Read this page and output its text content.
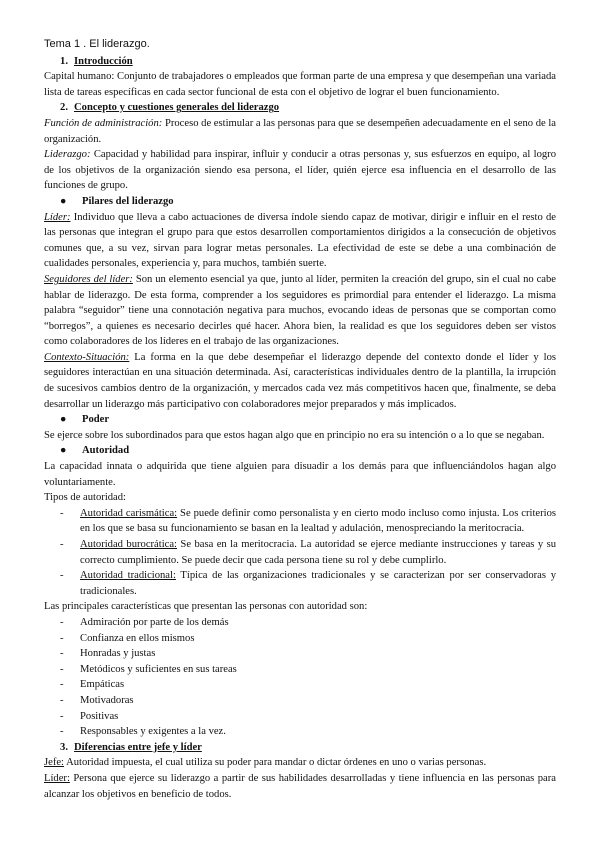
Tema 1 . El liderazgo.
1. Introducción

Capital humano: Conjunto de trabajadores o empleados que forman parte de una empresa y que desempeñan una variada lista de tareas específicas en cada sector funcional de esta con el objetivo de lograr el buen funcionamiento.

2. Concepto y cuestiones generales del liderazgo

Función de administración: Proceso de estimular a las personas para que se desempeñen adecuadamente en el seno de la organización.

Liderazgo: Capacidad y habilidad para inspirar, influir y conducir a otras personas y, sus esfuerzos en equipo, al logro de los objetivos de la organización siendo esa persona, el líder, quién ejerce esa influencia en el desarrollo de las funciones de grupo.

●	Pilares del liderazgo

Líder: Individuo que lleva a cabo actuaciones de diversa índole siendo capaz de motivar, dirigir e influir en el resto de las personas que integran el grupo para que estos desarrollen comportamientos dirigidos a la consecución de objetivos comunes que, a su vez, sirvan para lograr metas personales. La efectividad de este se debe a una combinación de cualidades personales, experiencia y, para muchos, también suerte.

Seguidores del líder: Son un elemento esencial ya que, junto al líder, permiten la creación del grupo, sin el cual no cabe hablar de liderazgo. De esta forma, comprender a los seguidores es primordial para entender el liderazgo. La misma palabra “seguidor” tiene una connotación negativa para muchos, evocando ideas de personas que se comportan como “borregos”, a quienes es necesario decirles qué hacer. Ahora bien, la realidad es que los seguidores deben ser vistos como colaboradores de los líderes en el trabajo de las organizaciones.

Contexto-Situación: La forma en la que debe desempeñar el liderazgo depende del contexto donde el líder y los seguidores interactúan en una situación determinada. Así, características individuales dentro de la plantilla, la irrupción de sucesivos cambios dentro de la organización, y mercados cada vez más competitivos hacen que, finalmente, se deba desarrollar un liderazgo más participativo con colaboradores mejor preparados y más implicados.

●	Poder

Se ejerce sobre los subordinados para que estos hagan algo que en principio no era su intención o a lo que se negaban.

●	Autoridad

La capacidad innata o adquirida que tiene alguien para disuadir a los demás para que influenciándolos hagan algo voluntariamente.

Tipos de autoridad:

-	Autoridad carismática: Se puede definir como personalista y en cierto modo incluso como injusta. Los criterios en los que se basa su funcionamiento se basan en la lealtad y adulación, menospreciando la meritocracia.
-	Autoridad burocrática: Se basa en la meritocracia. La autoridad se ejerce mediante instrucciones y tareas y su correcto cumplimiento. Se puede decir que cada persona tiene su rol y debe cumplirlo.
-	Autoridad tradicional: Típica de las organizaciones tradicionales y se caracterizan por ser conservadoras y tradicionales.

Las principales características que presentan las personas con autoridad son:

-	Admiración por parte de los demás
-	Confianza en ellos mismos
-	Honradas y justas
-	Metódicos y suficientes en sus tareas
-	Empáticas
-	Motivadoras
-	Positivas
-	Responsables y exigentes a la vez.
3. Diferencias entre jefe y líder

Jefe: Autoridad impuesta, el cual utiliza su poder para mandar o dictar órdenes en uno o varias personas.

Líder: Persona que ejerce su liderazgo a partir de sus habilidades desarrolladas y tiene influencia en las personas para alcanzar los objetivos en beneficio de todos.
